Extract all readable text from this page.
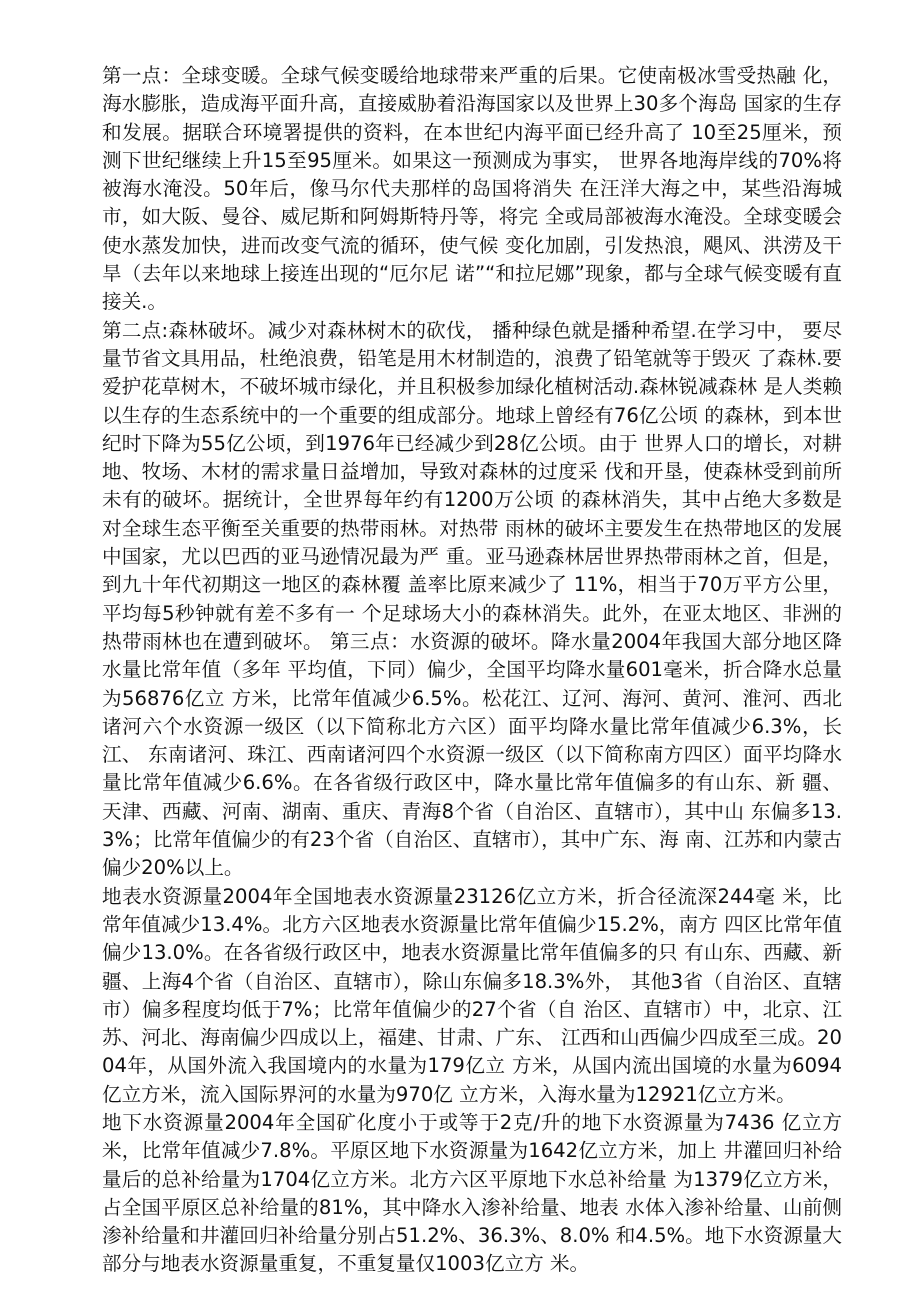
第一点：全球变暖。全球气候变暖给地球带来严重的后果。它使南极冰雪受热融 化，海水膨胀，造成海平面升高，直接威胁着沿海国家以及世界上30多个海岛 国家的生存和发展。据联合环境署提供的资料，在本世纪内海平面已经升高了 10至25厘米，预测下世纪继续上升15至95厘米。如果这一预测成为事实， 世界各地海岸线的70%将被海水淹没。50年后，像马尔代夫那样的岛国将消失 在汪洋大海之中，某些沿海城市，如大阪、曼谷、威尼斯和阿姆斯特丹等，将完 全或局部被海水淹没。全球变暖会使水蒸发加快，进而改变气流的循环，使气候 变化加剧，引发热浪，飓风、洪涝及干旱（去年以来地球上接连出现的“厄尔尼 诺”“和拉尼娜”现象，都与全球气候变暖有直接关.。

第二点:森林破坏。减少对森林树木的砍伐， 播种绿色就是播种希望.在学习中， 要尽量节省文具用品，杜绝浪费，铅笔是用木材制造的，浪费了铅笔就等于毁灭 了森林.要爱护花草树木，不破坏城市绿化，并且积极参加绿化植树活动.森林锐减森林 是人类赖以生存的生态系统中的一个重要的组成部分。地球上曾经有76亿公顷 的森林，到本世纪时下降为55亿公顷，到1976年已经减少到28亿公顷。由于 世界人口的增长，对耕地、牧场、木材的需求量日益增加，导致对森林的过度采 伐和开垦，使森林受到前所未有的破坏。据统计，全世界每年约有1200万公顷 的森林消失，其中占绝大多数是对全球生态平衡至关重要的热带雨林。对热带 雨林的破坏主要发生在热带地区的发展中国家，尤以巴西的亚马逊情况最为严 重。亚马逊森林居世界热带雨林之首，但是，到九十年代初期这一地区的森林覆 盖率比原来减少了 11%，相当于70万平方公里，平均每5秒钟就有差不多有一 个足球场大小的森林消失。此外，在亚太地区、非洲的热带雨林也在遭到破坏。 第三点：水资源的破坏。降水量2004年我国大部分地区降水量比常年值（多年 平均值，下同）偏少，全国平均降水量601毫米，折合降水总量为56876亿立 方米，比常年值减少6.5%。松花江、辽河、海河、黄河、淮河、西北诸河六个水资源一级区（以下简称北方六区）面平均降水量比常年值减少6.3%，长江、 东南诸河、珠江、西南诸河四个水资源一级区（以下简称南方四区）面平均降水 量比常年值减少6.6%。在各省级行政区中，降水量比常年值偏多的有山东、新 疆、天津、西藏、河南、湖南、重庆、青海8个省（自治区、直辖市），其中山 东偏多13.3%；比常年值偏少的有23个省（自治区、直辖市），其中广东、海 南、江苏和内蒙古偏少20%以上。

地表水资源量2004年全国地表水资源量23126亿立方米，折合径流深244毫 米，比常年值减少13.4%。北方六区地表水资源量比常年值偏少15.2%，南方 四区比常年值偏少13.0%。在各省级行政区中，地表水资源量比常年值偏多的只 有山东、西藏、新疆、上海4个省（自治区、直辖市），除山东偏多18.3%外， 其他3省（自治区、直辖市）偏多程度均低于7%；比常年值偏少的27个省（自 治区、直辖市）中，北京、江苏、河北、海南偏少四成以上，福建、甘肃、广东、 江西和山西偏少四成至三成。2004年，从国外流入我国境内的水量为179亿立 方米，从国内流出国境的水量为6094亿立方米，流入国际界河的水量为970亿 立方米，入海水量为12921亿立方米。

地下水资源量2004年全国矿化度小于或等于2克/升的地下水资源量为7436 亿立方米，比常年值减少7.8%。平原区地下水资源量为1642亿立方米，加上 井灌回归补给量后的总补给量为1704亿立方米。北方六区平原地下水总补给量 为1379亿立方米，占全国平原区总补给量的81%，其中降水入渗补给量、地表 水体入渗补给量、山前侧渗补给量和井灌回归补给量分别占51.2%、36.3%、8.0% 和4.5%。地下水资源量大部分与地表水资源量重复，不重复量仅1003亿立方 米。
